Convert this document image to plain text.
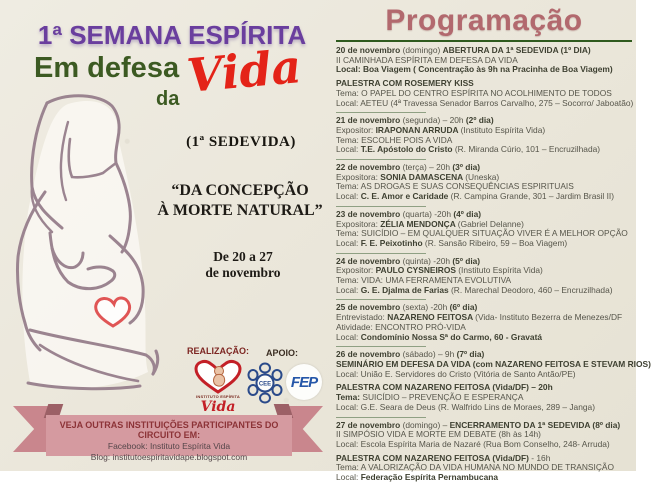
1ª SEMANA ESPÍRITA
Em defesa
da Vida
(1ª SEDEVIDA)
“DA CONCEPÇÃO
À MORTE NATURAL”
De 20 a 27
de novembro
REALIZAÇÃO: APOIO:
INSTITUTO ESPÍRITA
Vida
CEE	FEP
VEJA OUTRAS INSTITUIÇÕES PARTICIPANTES DO CIRCUITO EM:
Facebook: Instituto Espírita Vida
Blog: institutoespiritavidape.blogspot.com
Programação
20 de novembro (domingo) ABERTURA DA 1ª SEDEVIDA (1º DIA)
II CAMINHADA ESPÍRITA EM DEFESA DA VIDA
Local: Boa Viagem ( Concentração às 9h na Pracinha de Boa Viagem)
PALESTRA COM ROSEMERY KISS
Tema: O PAPEL DO CENTRO ESPÍRITA NO ACOLHIMENTO DE TODOS
Local: AETEU (4ª Travessa Senador Barros Carvalho, 275 – Socorro/ Jaboatão)
21 de novembro (segunda) – 20h (2º dia)
Expositor: IRAPONAN ARRUDA (Instituto Espírita Vida)
Tema: ESCOLHE POIS A VIDA
Local: T.E. Apóstolo do Cristo (R. Miranda Cúrio, 101 – Encruzilhada)
22 de novembro (terça) – 20h (3º dia)
Expositora: SONIA DAMASCENA (Uneska)
Tema: AS DROGAS E SUAS CONSEQUÊNCIAS ESPIRITUAIS
Local: C. E. Amor e Caridade (R. Campina Grande, 301 – Jardim Brasil II)
23 de novembro (quarta) -20h (4º dia)
Expositora: ZÉLIA MENDONÇA (Gabriel Delanne)
Tema: SUICÍDIO – EM QUALQUER SITUAÇÃO VIVER É A MELHOR OPÇÃO
Local: F. E. Peixotinho (R. Sansão Ribeiro, 59 – Boa Viagem)
24 de novembro (quinta) -20h (5º dia)
Expositor: PAULO CYSNEIROS (Instituto Espírita Vida)
Tema: VIDA: UMA FERRAMENTA EVOLUTIVA
Local: G. E. Djalma de Farias (R. Marechal Deodoro, 460 – Encruzilhada)
25 de novembro (sexta) -20h (6º dia)
Entrevistado: NAZARENO FEITOSA (Vida- Instituto Bezerra de Menezes/DF
Atividade: ENCONTRO PRÓ-VIDA
Local: Condomínio Nossa Sª do Carmo, 60 - Gravatá
26 de novembro (sábado) – 9h (7º dia)
SEMINÁRIO EM DEFESA DA VIDA (com NAZARENO FEITOSA E STEVAM RIOS)
Local: União E. Servidores do Cristo (Vitória de Santo Antão/PE)
PALESTRA COM NAZARENO FEITOSA (Vida/DF) – 20h
Tema: SUICÍDIO – PREVENÇÃO E ESPERANÇA
Local: G.E. Seara de Deus (R. Walfrido Lins de Moraes, 289 – Janga)
27 de novembro (domingo) – ENCERRAMENTO DA 1ª SEDEVIDA (8º dia)
II SIMPÓSIO VIDA E MORTE EM DEBATE (8h às 14h)
Local: Escola Espírita Maria de Nazaré (Rua Bom Conselho, 248- Arruda)
PALESTRA COM NAZARENO FEITOSA (Vida/DF) - 16h
Tema: A VALORIZAÇÃO DA VIDA HUMANA NO MUNDO DE TRANSIÇÃO
Local: Federação Espírita Pernambucana
